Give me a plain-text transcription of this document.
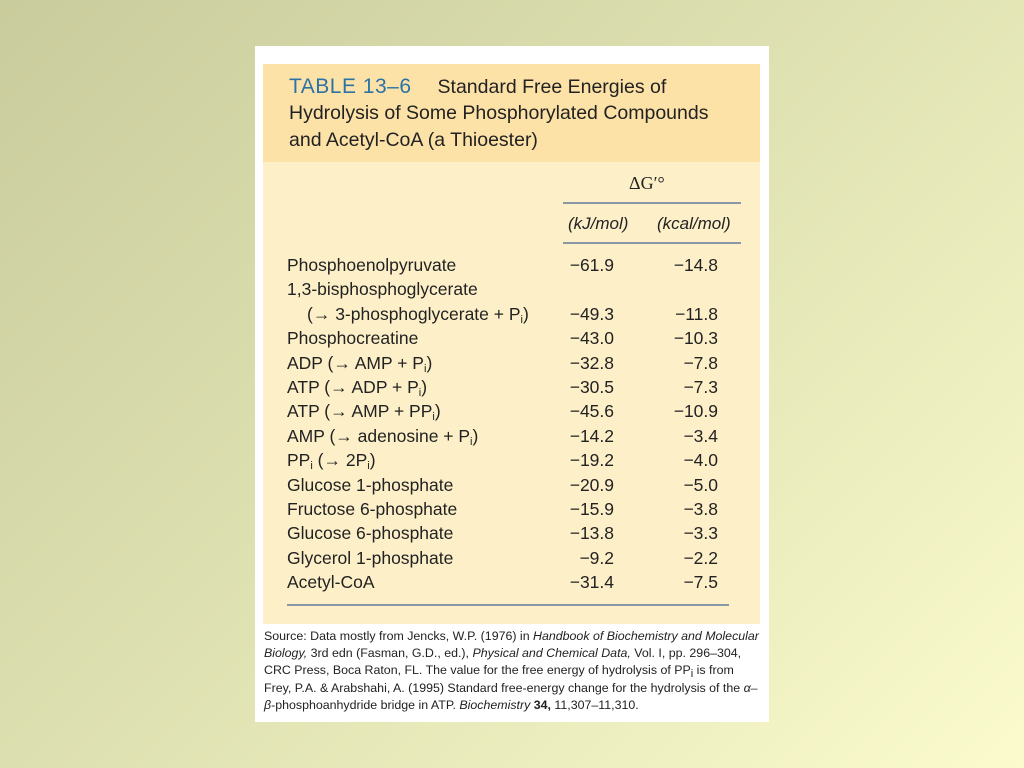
TABLE 13–6 Standard Free Energies of
Hydrolysis of Some Phosphorylated Compounds
and Acetyl-CoA (a Thioester)
ΔG′°
(kJ/mol) (kcal/mol)
Phosphoenolpyruvate	−61.9	−14.8
1,3-bisphosphoglycerate
(→ 3-phosphoglycerate + $P_i) -49.3$	−11.8
Phosphocreatine	−43.0	−10.3
ADP (→ AMP + $P_i$)	−32.8	−7.8
ATP (→ ADP + $P_i$)	−30.5	−7.3
ATP (→ AMP + $PP_i$)	−45.6	−10.9
AMP (→ adenosine + $P_i$)	−14.2	−3.4
$PP_i$ (→ $2P_i$)	−19.2	−4.0
Glucose 1-phosphate	−20.9	−5.0
Fructose 6-phosphate	−15.9	−3.8
Glucose 6-phosphate	−13.8	−3.3
Glycerol 1-phosphate	−9.2	−2.2
Acetyl-CoA	−31.4	−7.5
Source: Data mostly from Jencks, W.P. (1976) in Handbook of Biochemistry and Molecular Biology, 3rd edn (Fasman, G.D., ed.), Physical and Chemical Data, Vol. I, pp. 296–304, CRC Press, Boca Raton, FL. The value for the free energy of hydrolysis of $PP_i$ is from Frey, P.A. & Arabshahi, A. (1995) Standard free-energy change for the hydrolysis of the α–β-phosphoanhydride bridge in ATP. Biochemistry 34, 11,307–11,310.
